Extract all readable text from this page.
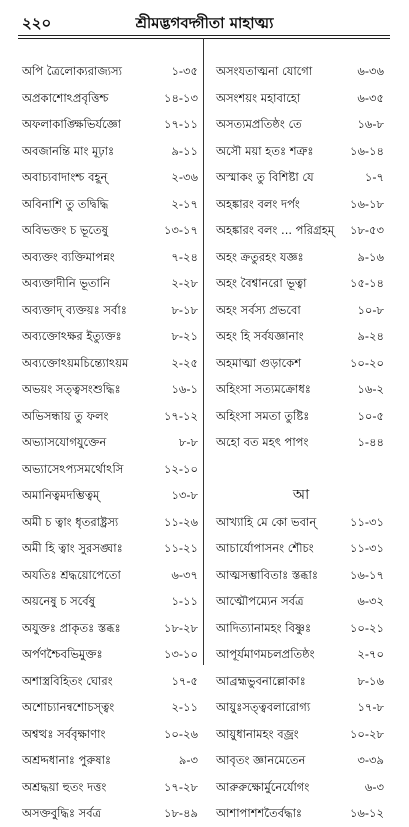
২২০	শ্রীমদ্ভগবদ্গীতা মাহাত্ম্য
অপি ত্রৈলোক্যরাজ্যস্য	১-৩৫
অপ্রকাশোঽপ্রবৃত্তিশ্চ	১৪-১৩
অফলাকাঙ্ক্ষিভির্যজ্ঞো	১৭-১১
অবজানন্তি মাং মূঢ়াঃ	৯-১১
অবাচ্যবাদাংশ্চ বহূন্	২-৩৬
অবিনাশি তু তদ্বিদ্ধি	২-১৭
অবিভক্তং চ ভূতেষু	১৩-১৭
অব্যক্তং ব্যক্তিমাপন্নং	৭-২৪
অব্যক্তাদীনি ভূতানি	২-২৮
অব্যক্তাদ্ ব্যক্তয়ঃ সর্বাঃ	৮-১৮
অব্যক্তোঽক্ষর ইত্যুক্তঃ	৮-২১
অব্যক্তোঽয়মচিন্ত্যোঽয়ম	২-২৫
অভয়ং সত্ত্বসংশুদ্ধিঃ	১৬-১
অভিসন্ধায় তু ফলং	১৭-১২
অভ্যাসযোগযুক্তেন	৮-৮
অভ্যাসেঽপ্যসমর্থোঽসি	১২-১০
অমানিত্বমদম্ভিত্বম্	১৩-৮
অমী চ ত্বাং ধৃতরাষ্ট্রস্য	১১-২৬
অমী হি ত্বাং সুরসঙ্ঘাঃ	১১-২১
অযতিঃ শ্রদ্ধয়োপেতো	৬-৩৭
অয়নেষু চ সর্বেষু	১-১১
অযুক্তঃ প্রাকৃতঃ স্তব্ধঃ	১৮-২৮
অর্পণশ্চৈবভিমুক্তঃ	১৩-১০
অশাস্ত্রবিহিতং ঘোরং	১৭-৫
অশোচ্যানন্বশোচস্ত্বং	২-১১
অশ্বত্থঃ সর্ববৃক্ষাণাং	১০-২৬
অশ্রদ্দধানাঃ পুরুষাঃ	৯-৩
অশ্রদ্ধয়া হুতং দত্তং	১৭-২৮
অসক্তবুদ্ধিঃ সর্বত্র	১৮-৪৯
অসংযতাত্মনা যোগো	৬-৩৬
অসংশয়ং মহাবাহো	৬-৩৫
অসত্যমপ্রতিষ্ঠং তে	১৬-৮
অসৌ ময়া হতঃ শত্রুঃ	১৬-১৪
অস্মাকং তু বিশিষ্টা যে	১-৭
অহঙ্কারং বলং দর্পং	১৬-১৮
অহঙ্কারং বলং ... পরিগ্রহম্ ১৮-৫৩
অহং ক্রতুরহং যজ্ঞঃ	৯-১৬
অহং বৈশ্বানরো ভূত্বা	১৫-১৪
অহং সর্বস্য প্রভবো	১০-৮
অহং হি সর্বযজ্ঞানাং	৯-২৪
অহমাত্মা গুড়াকেশ	১০-২০
অহিংসা সত্যমক্রোধঃ	১৬-২
অহিংসা সমতা তুষ্টিঃ	১০-৫
অহো বত মহৎ পাপং	১-৪৪
আ
আখ্যাহি মে কো ভবান্	১১-৩১
আচার্যোপাসনং শৌচং	১১-৩১
আত্মসম্ভাবিতাঃ স্তব্ধাঃ	১৬-১৭
আত্মৌপম্যেন সর্বত্র	৬-৩২
আদিত্যানামহং বিষ্ণুঃ	১০-২১
আপূর্যমাণমচলপ্রতিষ্ঠং	২-৭০
আব্রহ্মভুবনাল্লোকাঃ	৮-১৬
আয়ুঃসত্ত্ববলারোগ্য	১৭-৮
আয়ুধানামহং বজ্রং	১০-২৮
আবৃতং জ্ঞানমেতেন	৩-৩৯
আরুরুক্ষোর্মুনের্যোগং	৬-৩
আশাপাশশতৈর্বদ্ধাঃ	১৬-১২
